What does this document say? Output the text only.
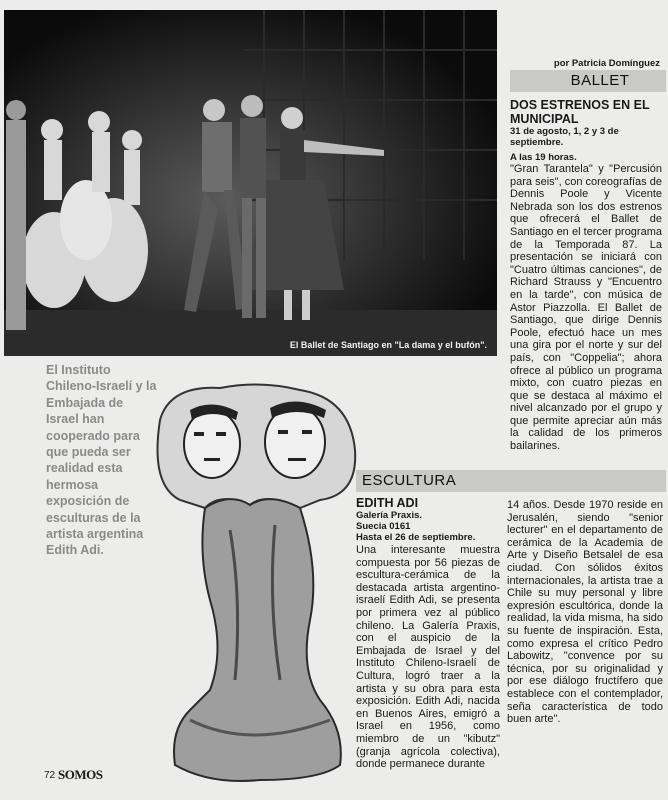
El Ballet de Santiago en "La dama y el bufón".
por Patricia Domínguez
BALLET
DOS ESTRENOS EN EL MUNICIPAL
31 de agosto, 1, 2 y 3 de septiembre.
A las 19 horas.
"Gran Tarantela" y "Percusión para seis", con coreografías de Dennis Poole y Vicente Nebrada son los dos estrenos que ofrecerá el Ballet de Santiago en el tercer programa de la Temporada 87. La presentación se iniciará con "Cuatro últimas canciones", de Richard Strauss y "Encuentro en la tarde", con música de Astor Piazzolla. El Ballet de Santiago, que dirige Dennis Poole, efectuó hace un mes una gira por el norte y sur del país, con "Coppelia"; ahora ofrece al público un programa mixto, con cuatro piezas en que se destaca al máximo el nivel alcanzado por el grupo y que permite apreciar aún más la calidad de los primeros bailarines.
El Instituto Chileno-Israelí y la Embajada de Israel han cooperado para que pueda ser realidad esta hermosa exposición de esculturas de la artista argentina Edith Adi.
ESCULTURA
EDITH ADI
Galería Praxis.
Suecia 0161
Hasta el 26 de septiembre.
Una interesante muestra compuesta por 56 piezas de escultura-cerámica de la destacada artista argentino-israelí Edith Adi, se presenta por primera vez al público chileno. La Galería Praxis, con el auspicio de la Embajada de Israel y del Instituto Chileno-Israelí de Cultura, logró traer a la artista y su obra para esta exposición. Edith Adi, nacida en Buenos Aires, emigró a Israel en 1956, como miembro de un "kibutz" (granja agrícola colectiva), donde permanece durante
14 años. Desde 1970 reside en Jerusalén, siendo "senior lecturer" en el departamento de cerámica de la Academia de Arte y Diseño Betsalel de esa ciudad. Con sólidos éxitos internacionales, la artista trae a Chile su muy personal y libre expresión escultórica, donde la realidad, la vida misma, ha sido su fuente de inspiración. Esta, como expresa el crítico Pedro Labowitz, "convence por su técnica, por su originalidad y por ese diálogo fructífero que establece con el contemplador, seña característica de todo buen arte".
72 SOMOS
